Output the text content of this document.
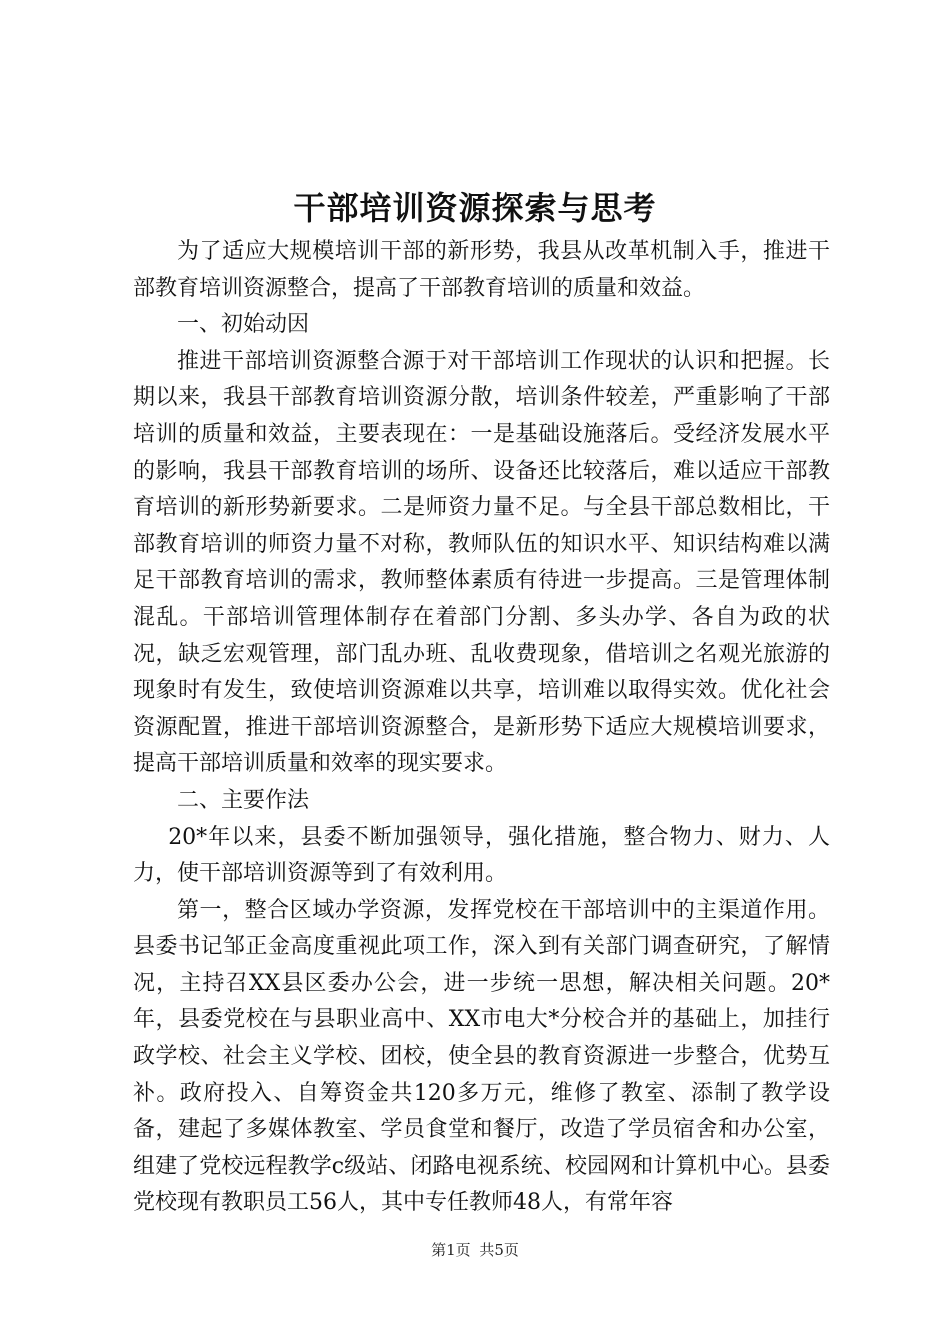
干部培训资源探索与思考

为了适应大规模培训干部的新形势，我县从改革机制入手，推进干部教育培训资源整合，提高了干部教育培训的质量和效益。

一、初始动因

推进干部培训资源整合源于对干部培训工作现状的认识和把握。长期以来，我县干部教育培训资源分散，培训条件较差，严重影响了干部培训的质量和效益，主要表现在：一是基础设施落后。受经济发展水平的影响，我县干部教育培训的场所、设备还比较落后，难以适应干部教育培训的新形势新要求。二是师资力量不足。与全县干部总数相比，干部教育培训的师资力量不对称，教师队伍的知识水平、知识结构难以满足干部教育培训的需求，教师整体素质有待进一步提高。三是管理体制混乱。干部培训管理体制存在着部门分割、多头办学、各自为政的状况，缺乏宏观管理，部门乱办班、乱收费现象，借培训之名观光旅游的现象时有发生，致使培训资源难以共享，培训难以取得实效。优化社会资源配置，推进干部培训资源整合，是新形势下适应大规模培训要求，提高干部培训质量和效率的现实要求。

二、主要作法

20*年以来，县委不断加强领导，强化措施，整合物力、财力、人力，使干部培训资源等到了有效利用。

第一，整合区域办学资源，发挥党校在干部培训中的主渠道作用。县委书记邹正金高度重视此项工作，深入到有关部门调查研究，了解情况，主持召XX县区委办公会，进一步统一思想，解决相关问题。20*年，县委党校在与县职业高中、XX市电大*分校合并的基础上，加挂行政学校、社会主义学校、团校，使全县的教育资源进一步整合，优势互补。政府投入、自筹资金共120多万元，维修了教室、添制了教学设备，建起了多媒体教室、学员食堂和餐厅，改造了学员宿舍和办公室，组建了党校远程教学c级站、闭路电视系统、校园网和计算机中心。县委党校现有教职员工56人，其中专任教师48人，有常年容

第1页 共5页
